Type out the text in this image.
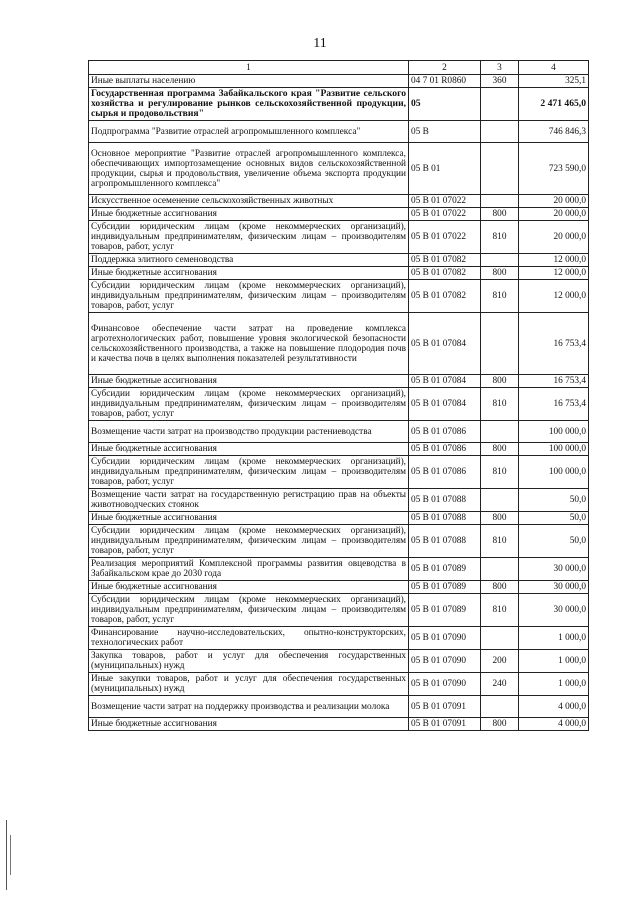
11
1	2	3	4
Иные выплаты населению	04 7 01 R0860	360	325,1
Государственная программа Забайкальского края "Развитие сельского хозяйства и регулирование рынков сельскохозяйственной продукции, сырья и продовольствия"	05		2 471 465,0
Подпрограмма "Развитие отраслей агропромышленного комплекса"	05 В		746 846,3
Основное мероприятие "Развитие отраслей агропромышленного комплекса, обеспечивающих импортозамещение основных видов сельскохозяйственной продукции, сырья и продовольствия, увеличение объема экспорта продукции агропромышленного комплекса"	05 В 01		723 590,0
Искусственное осеменение сельскохозяйственных животных	05 В 01 07022		20 000,0
Иные бюджетные ассигнования	05 В 01 07022	800	20 000,0
Субсидии юридическим лицам (кроме некоммерческих организаций), индивидуальным предпринимателям, физическим лицам – производителям товаров, работ, услуг	05 В 01 07022	810	20 000,0
Поддержка элитного семеноводства	05 В 01 07082		12 000,0
Иные бюджетные ассигнования	05 В 01 07082	800	12 000,0
Субсидии юридическим лицам (кроме некоммерческих организаций), индивидуальным предпринимателям, физическим лицам – производителям товаров, работ, услуг	05 В 01 07082	810	12 000,0
Финансовое обеспечение части затрат на проведение комплекса агротехнологических работ, повышение уровня экологической безопасности сельскохозяйственного производства, а также на повышение плодородия почв и качества почв в целях выполнения показателей результативности	05 В 01 07084		16 753,4
Иные бюджетные ассигнования	05 В 01 07084	800	16 753,4
Субсидии юридическим лицам (кроме некоммерческих организаций), индивидуальным предпринимателям, физическим лицам – производителям товаров, работ, услуг	05 В 01 07084	810	16 753,4
Возмещение части затрат на производство продукции растениеводства	05 В 01 07086		100 000,0
Иные бюджетные ассигнования	05 В 01 07086	800	100 000,0
Субсидии юридическим лицам (кроме некоммерческих организаций), индивидуальным предпринимателям, физическим лицам – производителям товаров, работ, услуг	05 В 01 07086	810	100 000,0
Возмещение части затрат на государственную регистрацию прав на объекты животноводческих стоянок	05 В 01 07088		50,0
Иные бюджетные ассигнования	05 В 01 07088	800	50,0
Субсидии юридическим лицам (кроме некоммерческих организаций), индивидуальным предпринимателям, физическим лицам – производителям товаров, работ, услуг	05 В 01 07088	810	50,0
Реализация мероприятий Комплексной программы развития овцеводства в Забайкальском крае до 2030 года	05 В 01 07089		30 000,0
Иные бюджетные ассигнования	05 В 01 07089	800	30 000,0
Субсидии юридическим лицам (кроме некоммерческих организаций), индивидуальным предпринимателям, физическим лицам – производителям товаров, работ, услуг	05 В 01 07089	810	30 000,0
Финансирование научно-исследовательских, опытно-конструкторских, технологических работ	05 В 01 07090		1 000,0
Закупка товаров, работ и услуг для обеспечения государственных (муниципальных) нужд	05 В 01 07090	200	1 000,0
Иные закупки товаров, работ и услуг для обеспечения государственных (муниципальных) нужд	05 В 01 07090	240	1 000,0
Возмещение части затрат на поддержку производства и реализации молока	05 В 01 07091		4 000,0
Иные бюджетные ассигнования	05 В 01 07091	800	4 000,0
